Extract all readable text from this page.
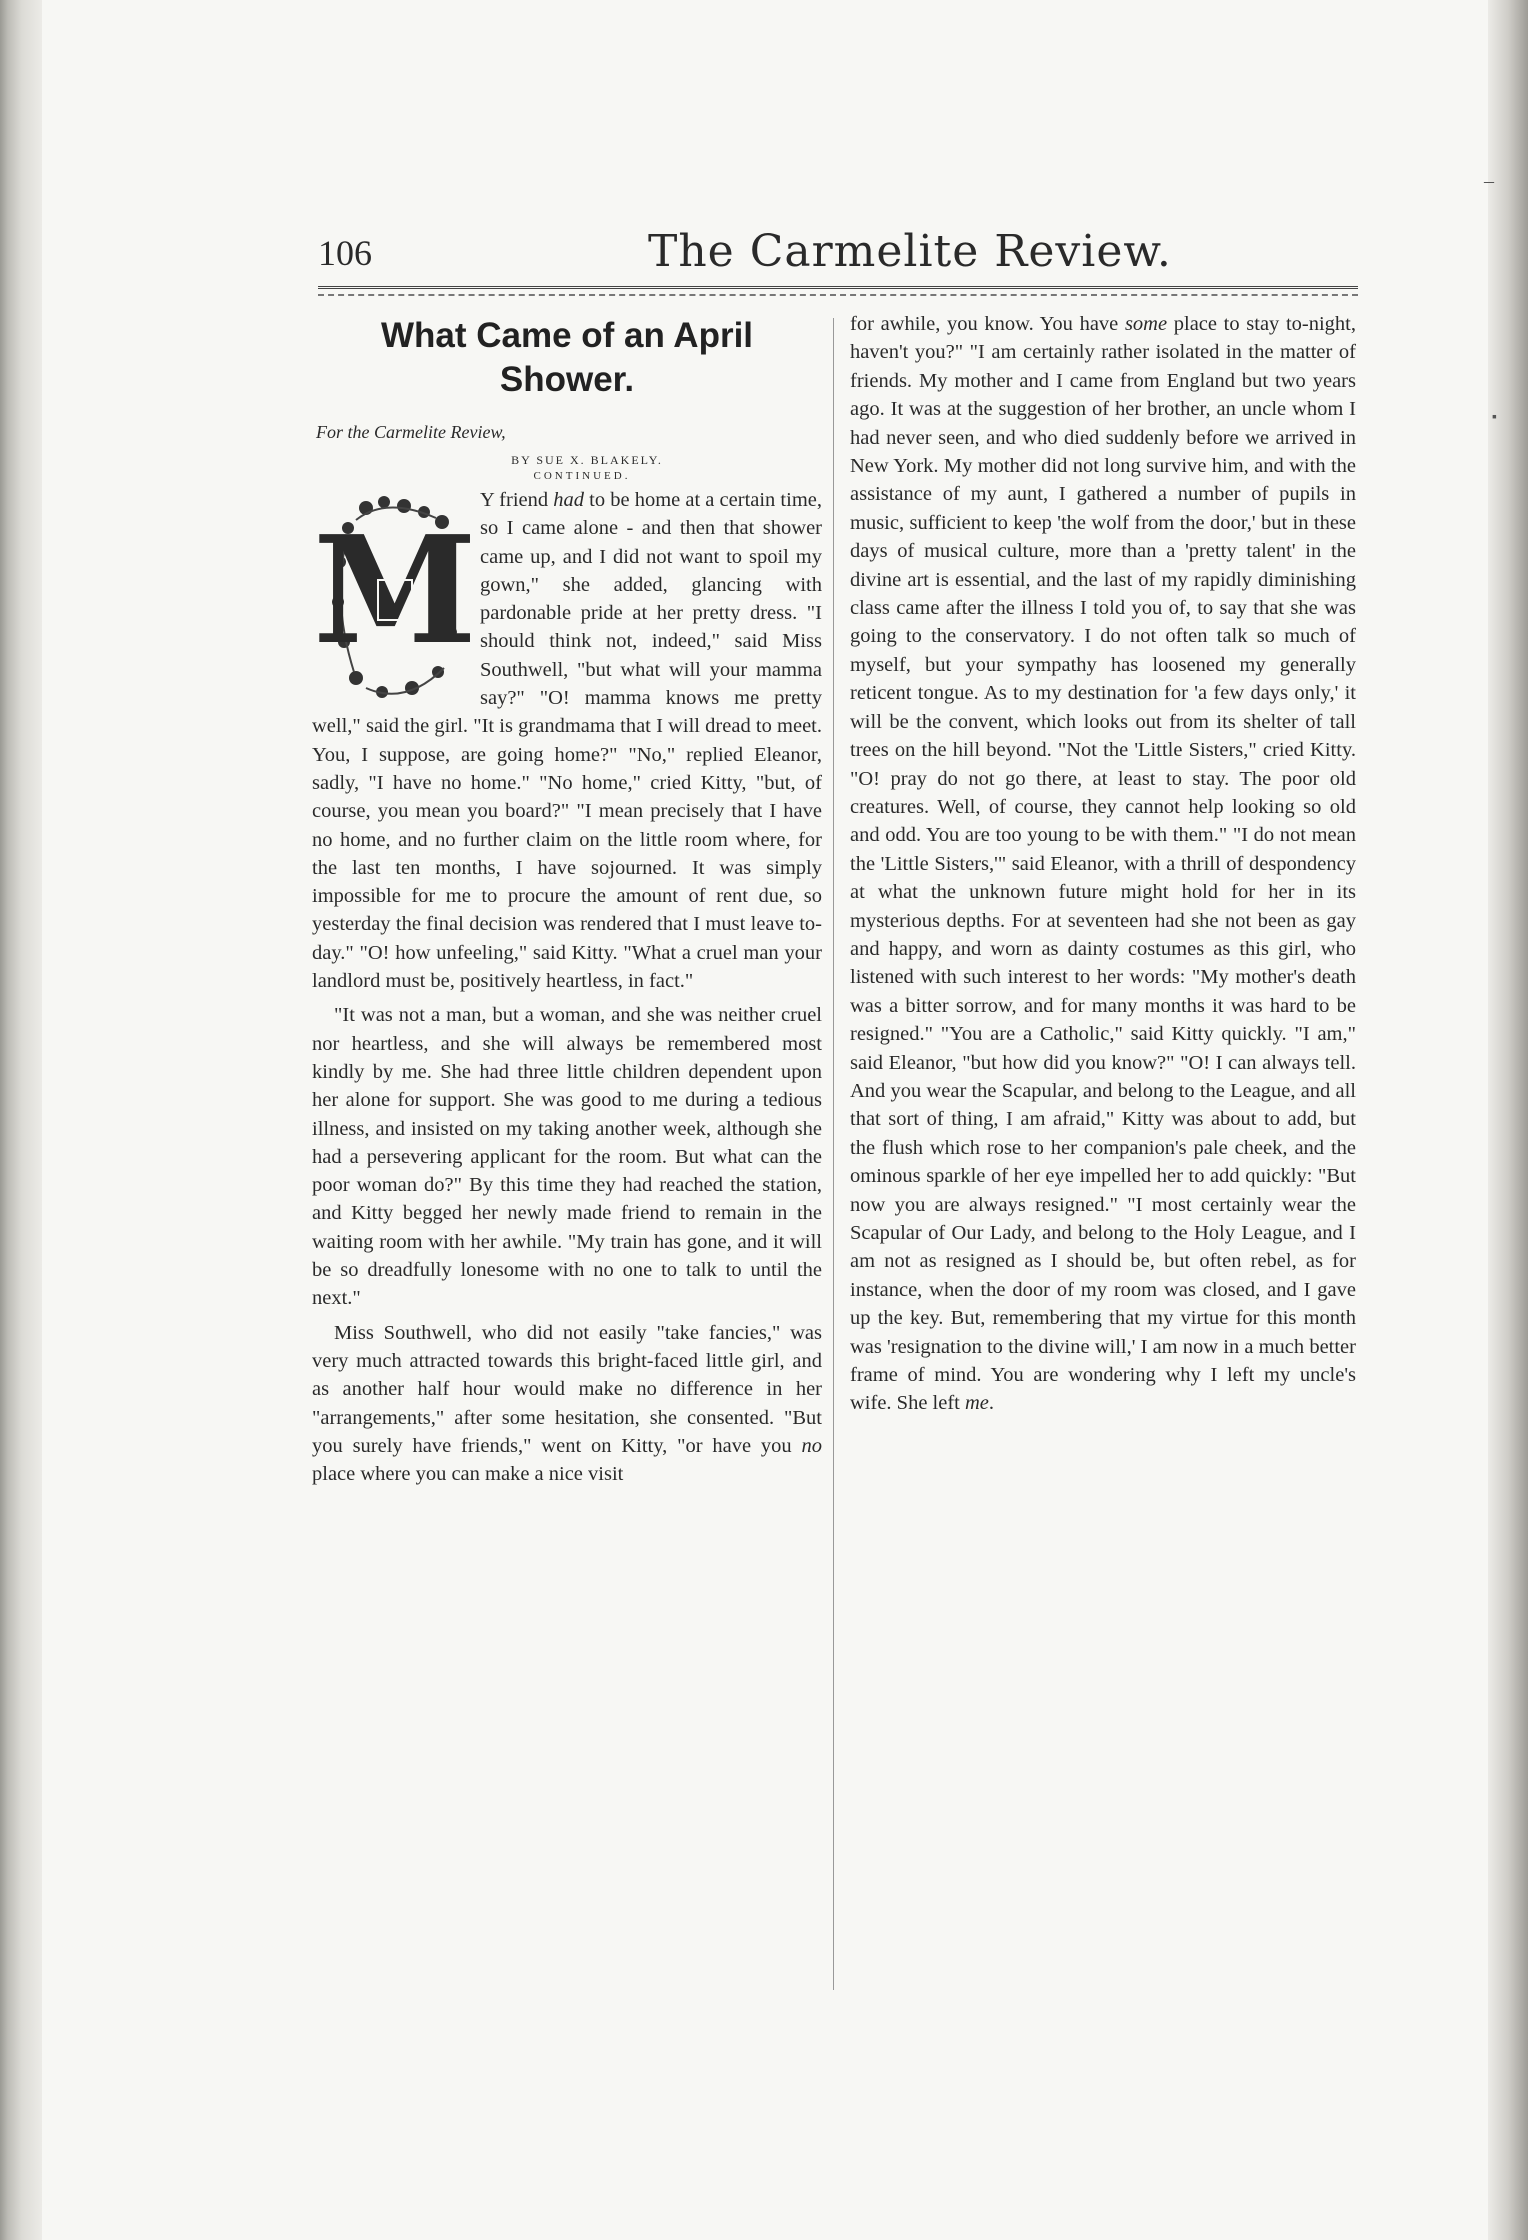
–
▪
106	The Carmelite Review.
What Came of an April Shower.
For the Carmelite Review,
BY SUE X. BLAKELY.
CONTINUED.

M
Y friend had to be home at a certain time, so I came alone - and then that shower came up, and I did not want to spoil my gown," she added, glancing with pardonable pride at her pretty dress. "I should think not, indeed," said Miss Southwell, "but what will your mamma say?" "O! mamma knows me pretty well," said the girl. "It is grandmama that I will dread to meet. You, I suppose, are going home?" "No," replied Eleanor, sadly, "I have no home." "No home," cried Kitty, "but, of course, you mean you board?" "I mean precisely that I have no home, and no further claim on the little room where, for the last ten months, I have sojourned. It was simply impossible for me to procure the amount of rent due, so yesterday the final decision was rendered that I must leave to-day." "O! how unfeeling," said Kitty. "What a cruel man your landlord must be, positively heartless, in fact."

"It was not a man, but a woman, and she was neither cruel nor heartless, and she will always be remembered most kindly by me. She had three little children dependent upon her alone for support. She was good to me during a tedious illness, and insisted on my taking another week, although she had a persevering applicant for the room. But what can the poor woman do?" By this time they had reached the station, and Kitty begged her newly made friend to remain in the waiting room with her awhile. "My train has gone, and it will be so dreadfully lonesome with no one to talk to until the next."

Miss Southwell, who did not easily "take fancies," was very much attracted towards this bright-faced little girl, and as another half hour would make no difference in her "arrangements," after some hesitation, she consented. "But you surely have friends," went on Kitty, "or have you no place where you can make a nice visit

for awhile, you know. You have some place to stay to-night, haven't you?" "I am certainly rather isolated in the matter of friends. My mother and I came from England but two years ago. It was at the suggestion of her brother, an uncle whom I had never seen, and who died suddenly before we arrived in New York. My mother did not long survive him, and with the assistance of my aunt, I gathered a number of pupils in music, sufficient to keep 'the wolf from the door,' but in these days of musical culture, more than a 'pretty talent' in the divine art is essential, and the last of my rapidly diminishing class came after the illness I told you of, to say that she was going to the conservatory. I do not often talk so much of myself, but your sympathy has loosened my generally reticent tongue. As to my destination for 'a few days only,' it will be the convent, which looks out from its shelter of tall trees on the hill beyond. "Not the 'Little Sisters," cried Kitty. "O! pray do not go there, at least to stay. The poor old creatures. Well, of course, they cannot help looking so old and odd. You are too young to be with them." "I do not mean the 'Little Sisters,'" said Eleanor, with a thrill of despondency at what the unknown future might hold for her in its mysterious depths. For at seventeen had she not been as gay and happy, and worn as dainty costumes as this girl, who listened with such interest to her words: "My mother's death was a bitter sorrow, and for many months it was hard to be resigned." "You are a Catholic," said Kitty quickly. "I am," said Eleanor, "but how did you know?" "O! I can always tell. And you wear the Scapular, and belong to the League, and all that sort of thing, I am afraid," Kitty was about to add, but the flush which rose to her companion's pale cheek, and the ominous sparkle of her eye impelled her to add quickly: "But now you are always resigned." "I most certainly wear the Scapular of Our Lady, and belong to the Holy League, and I am not as resigned as I should be, but often rebel, as for instance, when the door of my room was closed, and I gave up the key. But, remembering that my virtue for this month was 'resignation to the divine will,' I am now in a much better frame of mind. You are wondering why I left my uncle's wife. She left me.
